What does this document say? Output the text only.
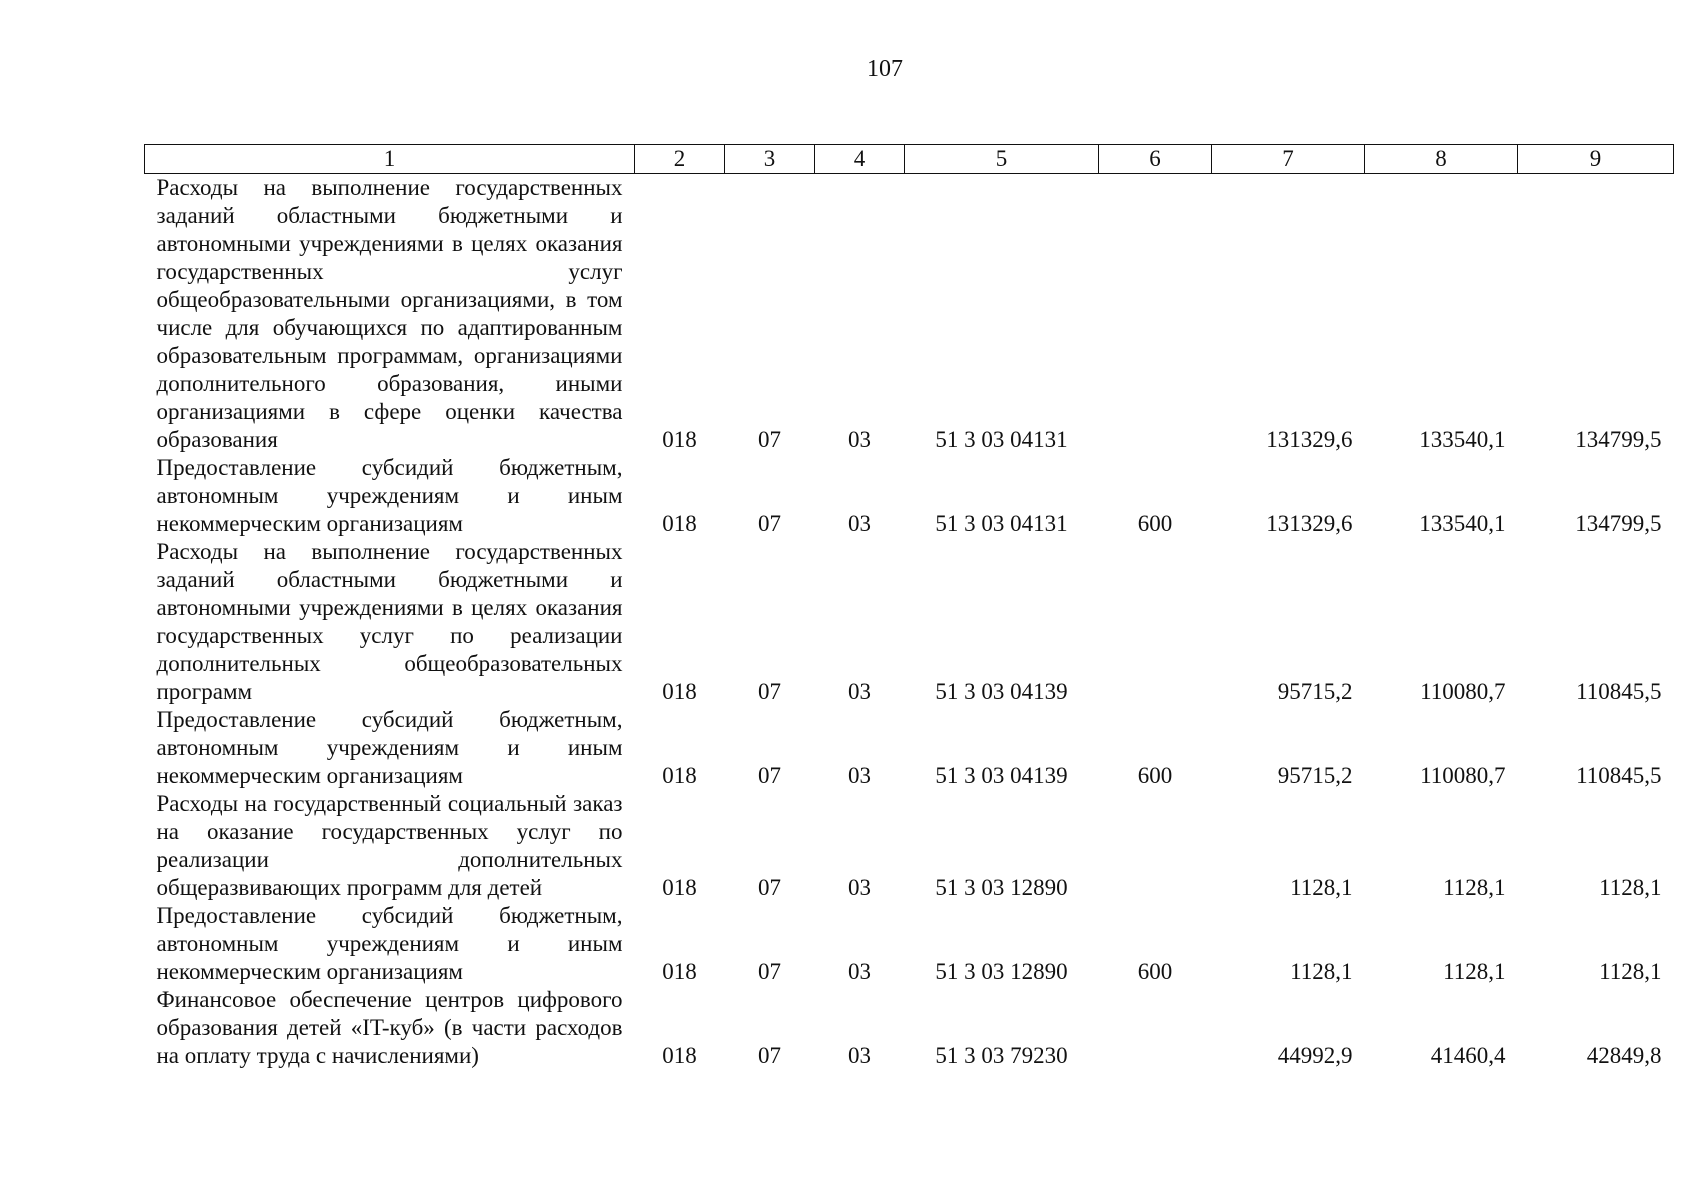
107
1	2	3	4	5	6	7	8	9
Расходы на выполнение государственных заданий областными бюджетными и автономными учреждениями в целях оказания государственных услуг общеобразовательными организациями, в том числе для обучающихся по адаптированным образовательным программам, организациями дополнительного образования, иными организациями в сфере оценки качества образования	018	07	03	51 3 03 04131		131329,6	133540,1	134799,5
Предоставление субсидий бюджетным, автономным учреждениям и иным некоммерческим организациям	018	07	03	51 3 03 04131	600	131329,6	133540,1	134799,5
Расходы на выполнение государственных заданий областными бюджетными и автономными учреждениями в целях оказания государственных услуг по реализации дополнительных общеобразовательных программ	018	07	03	51 3 03 04139		95715,2	110080,7	110845,5
Предоставление субсидий бюджетным, автономным учреждениям и иным некоммерческим организациям	018	07	03	51 3 03 04139	600	95715,2	110080,7	110845,5
Расходы на государственный социальный заказ на оказание государственных услуг по реализации дополнительных общеразвивающих программ для детей	018	07	03	51 3 03 12890		1128,1	1128,1	1128,1
Предоставление субсидий бюджетным, автономным учреждениям и иным некоммерческим организациям	018	07	03	51 3 03 12890	600	1128,1	1128,1	1128,1
Финансовое обеспечение центров цифрового образования детей «IT-куб» (в части расходов на оплату труда с начислениями)	018	07	03	51 3 03 79230		44992,9	41460,4	42849,8
